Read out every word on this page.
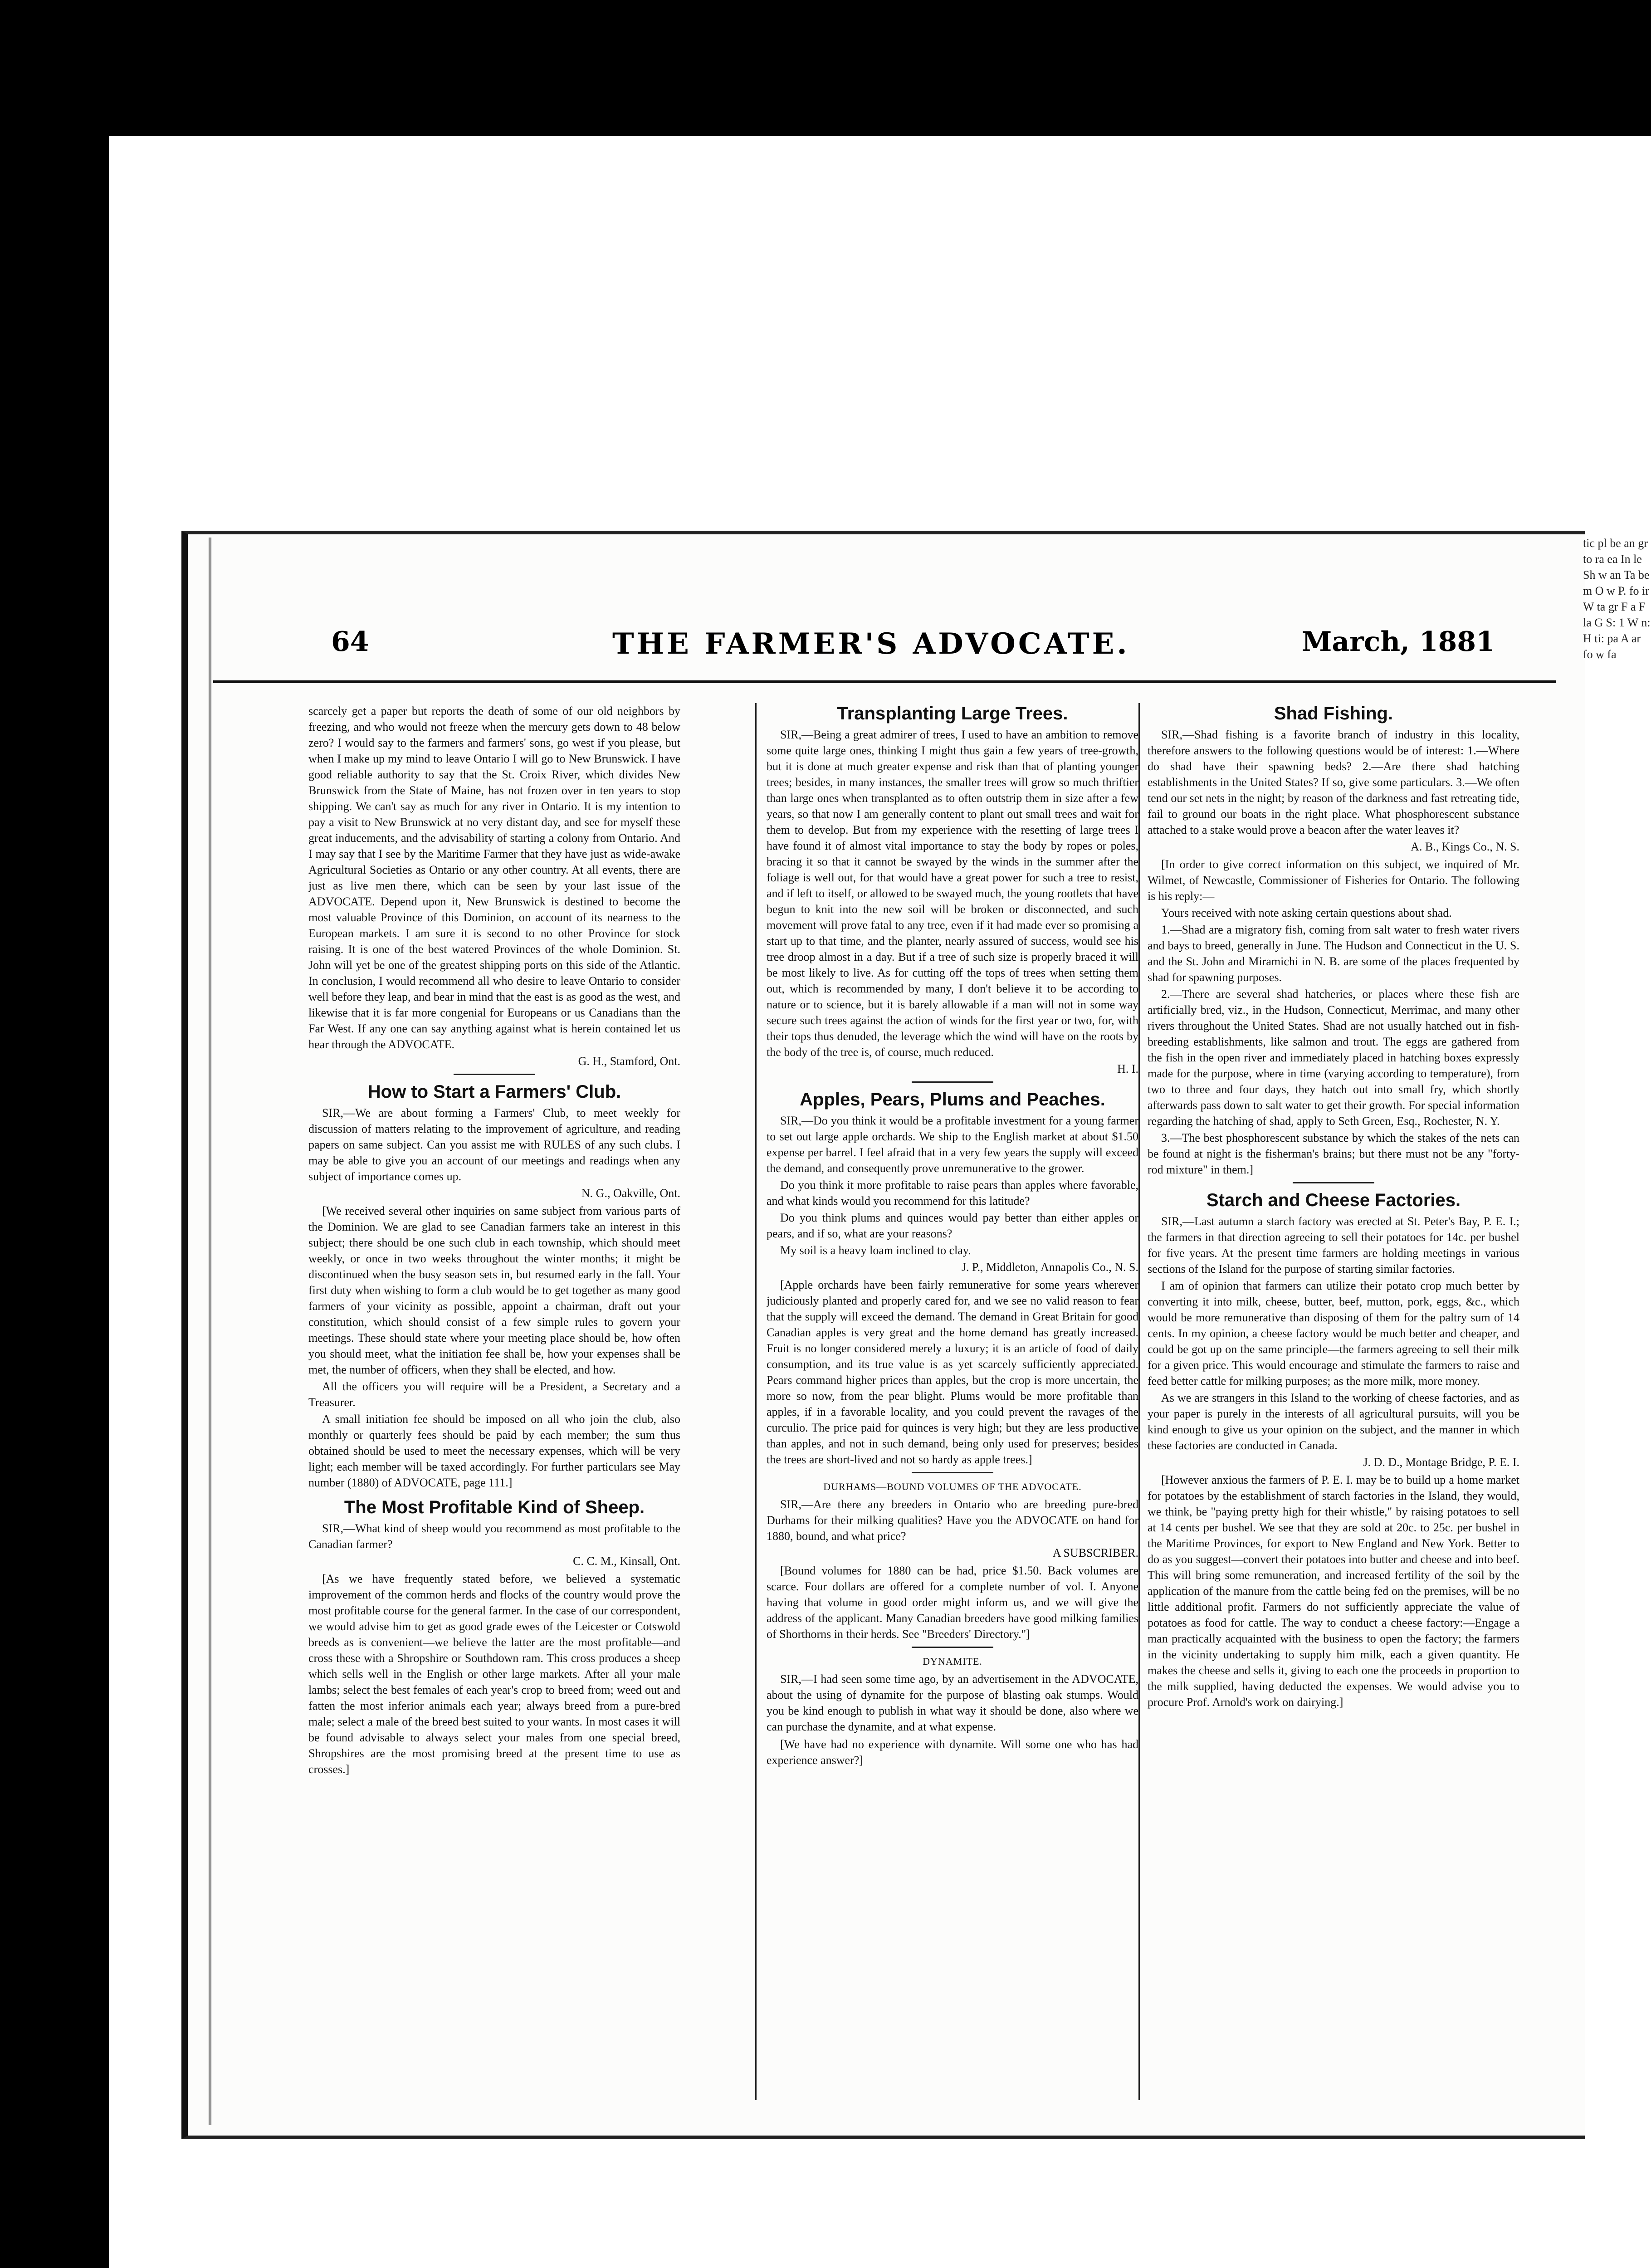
tic pl be an gr to ra ea In le Sh w an Ta be m O w P. fo ir W ta gr F a F la G S: 1 W n: H ti: pa A ar fo w fa
64	THE FARMER'S ADVOCATE.	March, 1881

scarcely get a paper but reports the death of some of our old neighbors by freezing, and who would not freeze when the mercury gets down to 48 below zero? I would say to the farmers and farmers' sons, go west if you please, but when I make up my mind to leave Ontario I will go to New Brunswick. I have good reliable authority to say that the St. Croix River, which divides New Brunswick from the State of Maine, has not frozen over in ten years to stop shipping. We can't say as much for any river in Ontario. It is my intention to pay a visit to New Brunswick at no very distant day, and see for myself these great inducements, and the advisability of starting a colony from Ontario. And I may say that I see by the Maritime Farmer that they have just as wide-awake Agricultural Societies as Ontario or any other country. At all events, there are just as live men there, which can be seen by your last issue of the ADVOCATE. Depend upon it, New Brunswick is destined to become the most valuable Province of this Dominion, on account of its nearness to the European markets. I am sure it is second to no other Province for stock raising. It is one of the best watered Provinces of the whole Dominion. St. John will yet be one of the greatest shipping ports on this side of the Atlantic. In conclusion, I would recommend all who desire to leave Ontario to consider well before they leap, and bear in mind that the east is as good as the west, and likewise that it is far more congenial for Europeans or us Canadians than the Far West. If any one can say anything against what is herein contained let us hear through the ADVOCATE.

G. H., Stamford, Ont.

How to Start a Farmers' Club.

SIR,—We are about forming a Farmers' Club, to meet weekly for discussion of matters relating to the improvement of agriculture, and reading papers on same subject. Can you assist me with RULES of any such clubs. I may be able to give you an account of our meetings and readings when any subject of importance comes up.

N. G., Oakville, Ont.

[We received several other inquiries on same subject from various parts of the Dominion. We are glad to see Canadian farmers take an interest in this subject; there should be one such club in each township, which should meet weekly, or once in two weeks throughout the winter months; it might be discontinued when the busy season sets in, but resumed early in the fall. Your first duty when wishing to form a club would be to get together as many good farmers of your vicinity as possible, appoint a chairman, draft out your constitution, which should consist of a few simple rules to govern your meetings. These should state where your meeting place should be, how often you should meet, what the initiation fee shall be, how your expenses shall be met, the number of officers, when they shall be elected, and how.

All the officers you will require will be a President, a Secretary and a Treasurer.

A small initiation fee should be imposed on all who join the club, also monthly or quarterly fees should be paid by each member; the sum thus obtained should be used to meet the necessary expenses, which will be very light; each member will be taxed accordingly. For further particulars see May number (1880) of ADVOCATE, page 111.]

The Most Profitable Kind of Sheep.

SIR,—What kind of sheep would you recommend as most profitable to the Canadian farmer?

C. C. M., Kinsall, Ont.

[As we have frequently stated before, we believed a systematic improvement of the common herds and flocks of the country would prove the most profitable course for the general farmer. In the case of our correspondent, we would advise him to get as good grade ewes of the Leicester or Cotswold breeds as is convenient—we believe the latter are the most profitable—and cross these with a Shropshire or Southdown ram. This cross produces a sheep which sells well in the English or other large markets. After all your male lambs; select the best females of each year's crop to breed from; weed out and fatten the most inferior animals each year; always breed from a pure-bred male; select a male of the breed best suited to your wants. In most cases it will be found advisable to always select your males from one special breed, Shropshires are the most promising breed at the present time to use as crosses.]

Transplanting Large Trees.

SIR,—Being a great admirer of trees, I used to have an ambition to remove some quite large ones, thinking I might thus gain a few years of tree-growth, but it is done at much greater expense and risk than that of planting younger trees; besides, in many instances, the smaller trees will grow so much thriftier than large ones when transplanted as to often outstrip them in size after a few years, so that now I am generally content to plant out small trees and wait for them to develop. But from my experience with the resetting of large trees I have found it of almost vital importance to stay the body by ropes or poles, bracing it so that it cannot be swayed by the winds in the summer after the foliage is well out, for that would have a great power for such a tree to resist, and if left to itself, or allowed to be swayed much, the young rootlets that have begun to knit into the new soil will be broken or disconnected, and such movement will prove fatal to any tree, even if it had made ever so promising a start up to that time, and the planter, nearly assured of success, would see his tree droop almost in a day. But if a tree of such size is properly braced it will be most likely to live. As for cutting off the tops of trees when setting them out, which is recommended by many, I don't believe it to be according to nature or to science, but it is barely allowable if a man will not in some way secure such trees against the action of winds for the first year or two, for, with their tops thus denuded, the leverage which the wind will have on the roots by the body of the tree is, of course, much reduced.

H. I.

Apples, Pears, Plums and Peaches.

SIR,—Do you think it would be a profitable investment for a young farmer to set out large apple orchards. We ship to the English market at about $1.50 expense per barrel. I feel afraid that in a very few years the supply will exceed the demand, and consequently prove unremunerative to the grower.

Do you think it more profitable to raise pears than apples where favorable, and what kinds would you recommend for this latitude?

Do you think plums and quinces would pay better than either apples or pears, and if so, what are your reasons?

My soil is a heavy loam inclined to clay.

J. P., Middleton, Annapolis Co., N. S.

[Apple orchards have been fairly remunerative for some years wherever judiciously planted and properly cared for, and we see no valid reason to fear that the supply will exceed the demand. The demand in Great Britain for good Canadian apples is very great and the home demand has greatly increased. Fruit is no longer considered merely a luxury; it is an article of food of daily consumption, and its true value is as yet scarcely sufficiently appreciated. Pears command higher prices than apples, but the crop is more uncertain, the more so now, from the pear blight. Plums would be more profitable than apples, if in a favorable locality, and you could prevent the ravages of the curculio. The price paid for quinces is very high; but they are less productive than apples, and not in such demand, being only used for preserves; besides the trees are short-lived and not so hardy as apple trees.]

DURHAMS—BOUND VOLUMES OF THE ADVOCATE.

SIR,—Are there any breeders in Ontario who are breeding pure-bred Durhams for their milking qualities? Have you the ADVOCATE on hand for 1880, bound, and what price?

A SUBSCRIBER.

[Bound volumes for 1880 can be had, price $1.50. Back volumes are scarce. Four dollars are offered for a complete number of vol. I. Anyone having that volume in good order might inform us, and we will give the address of the applicant. Many Canadian breeders have good milking families of Shorthorns in their herds. See "Breeders' Directory."]

DYNAMITE.

SIR,—I had seen some time ago, by an advertisement in the ADVOCATE, about the using of dynamite for the purpose of blasting oak stumps. Would you be kind enough to publish in what way it should be done, also where we can purchase the dynamite, and at what expense.

[We have had no experience with dynamite. Will some one who has had experience answer?]

Shad Fishing.

SIR,—Shad fishing is a favorite branch of industry in this locality, therefore answers to the following questions would be of interest: 1.—Where do shad have their spawning beds? 2.—Are there shad hatching establishments in the United States? If so, give some particulars. 3.—We often tend our set nets in the night; by reason of the darkness and fast retreating tide, fail to ground our boats in the right place. What phosphorescent substance attached to a stake would prove a beacon after the water leaves it?

A. B., Kings Co., N. S.

[In order to give correct information on this subject, we inquired of Mr. Wilmet, of Newcastle, Commissioner of Fisheries for Ontario. The following is his reply:—

Yours received with note asking certain questions about shad.

1.—Shad are a migratory fish, coming from salt water to fresh water rivers and bays to breed, generally in June. The Hudson and Connecticut in the U. S. and the St. John and Miramichi in N. B. are some of the places frequented by shad for spawning purposes.

2.—There are several shad hatcheries, or places where these fish are artificially bred, viz., in the Hudson, Connecticut, Merrimac, and many other rivers throughout the United States. Shad are not usually hatched out in fish-breeding establishments, like salmon and trout. The eggs are gathered from the fish in the open river and immediately placed in hatching boxes expressly made for the purpose, where in time (varying according to temperature), from two to three and four days, they hatch out into small fry, which shortly afterwards pass down to salt water to get their growth. For special information regarding the hatching of shad, apply to Seth Green, Esq., Rochester, N. Y.

3.—The best phosphorescent substance by which the stakes of the nets can be found at night is the fisherman's brains; but there must not be any "forty-rod mixture" in them.]

Starch and Cheese Factories.

SIR,—Last autumn a starch factory was erected at St. Peter's Bay, P. E. I.; the farmers in that direction agreeing to sell their potatoes for 14c. per bushel for five years. At the present time farmers are holding meetings in various sections of the Island for the purpose of starting similar factories.

I am of opinion that farmers can utilize their potato crop much better by converting it into milk, cheese, butter, beef, mutton, pork, eggs, &c., which would be more remunerative than disposing of them for the paltry sum of 14 cents. In my opinion, a cheese factory would be much better and cheaper, and could be got up on the same principle—the farmers agreeing to sell their milk for a given price. This would encourage and stimulate the farmers to raise and feed better cattle for milking purposes; as the more milk, more money.

As we are strangers in this Island to the working of cheese factories, and as your paper is purely in the interests of all agricultural pursuits, will you be kind enough to give us your opinion on the subject, and the manner in which these factories are conducted in Canada.

J. D. D., Montage Bridge, P. E. I.

[However anxious the farmers of P. E. I. may be to build up a home market for potatoes by the establishment of starch factories in the Island, they would, we think, be "paying pretty high for their whistle," by raising potatoes to sell at 14 cents per bushel. We see that they are sold at 20c. to 25c. per bushel in the Maritime Provinces, for export to New England and New York. Better to do as you suggest—convert their potatoes into butter and cheese and into beef. This will bring some remuneration, and increased fertility of the soil by the application of the manure from the cattle being fed on the premises, will be no little additional profit. Farmers do not sufficiently appreciate the value of potatoes as food for cattle. The way to conduct a cheese factory:—Engage a man practically acquainted with the business to open the factory; the farmers in the vicinity undertaking to supply him milk, each a given quantity. He makes the cheese and sells it, giving to each one the proceeds in proportion to the milk supplied, having deducted the expenses. We would advise you to procure Prof. Arnold's work on dairying.]
